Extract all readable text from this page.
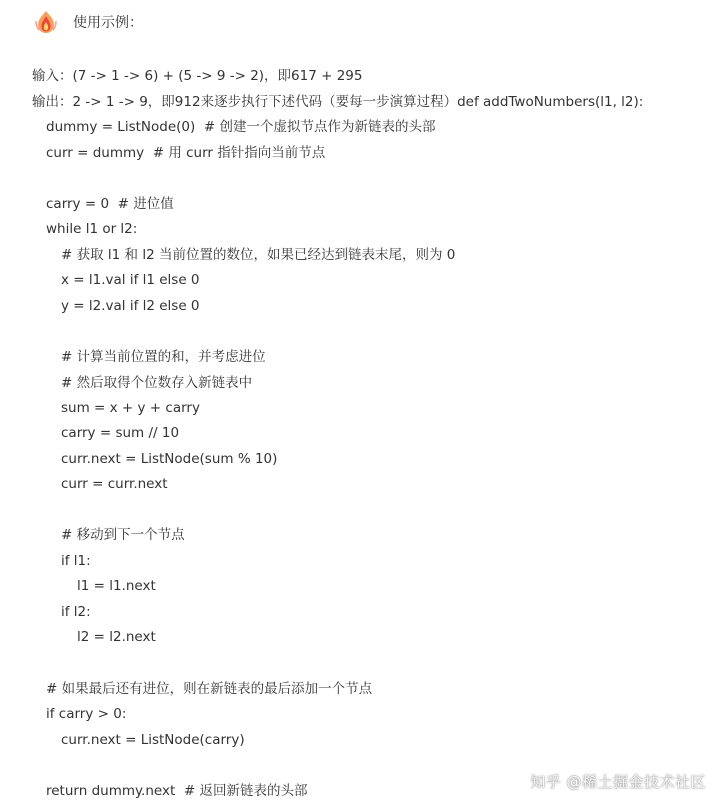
使用示例：
输入：(7 -> 1 -> 6) + (5 -> 9 -> 2)，即617 + 295
输出：2 -> 1 -> 9，即912来逐步执行下述代码（要每一步演算过程）def addTwoNumbers(l1, l2):
dummy = ListNode(0)  # 创建一个虚拟节点作为新链表的头部
curr = dummy  # 用 curr 指针指向当前节点
carry = 0  # 进位值
while l1 or l2:
# 获取 l1 和 l2 当前位置的数位，如果已经达到链表末尾，则为 0
x = l1.val if l1 else 0
y = l2.val if l2 else 0
# 计算当前位置的和，并考虑进位
# 然后取得个位数存入新链表中
sum = x + y + carry
carry = sum // 10
curr.next = ListNode(sum % 10)
curr = curr.next
# 移动到下一个节点
if l1:
l1 = l1.next
if l2:
l2 = l2.next
# 如果最后还有进位，则在新链表的最后添加一个节点
if carry > 0:
curr.next = ListNode(carry)
return dummy.next  # 返回新链表的头部	知乎 @稀土掘金技术社区
